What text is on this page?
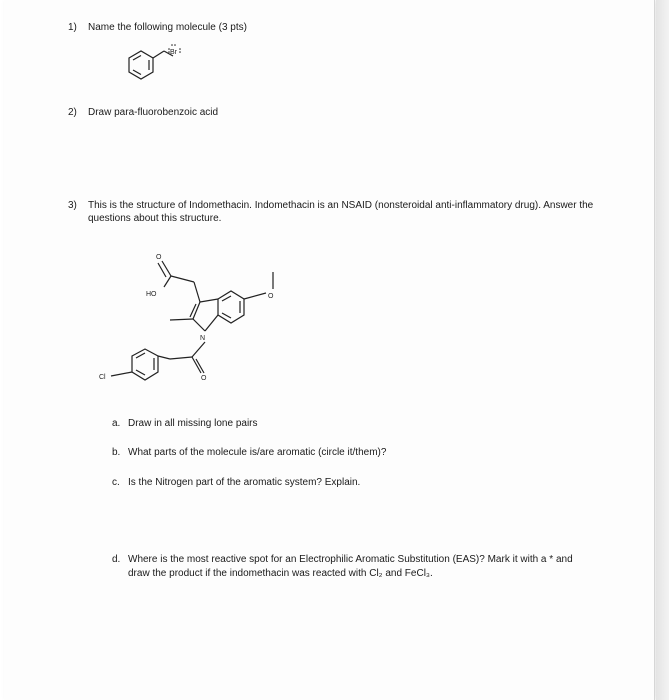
1) Name the following molecule (3 pts)
Br
2) Draw para-fluorobenzoic acid
3) This is the structure of Indomethacin. Indomethacin is an NSAID (nonsteroidal anti-inflammatory drug). Answer the questions about this structure.
N
O
HO	O
O
Cl
a. Draw in all missing lone pairs
b. What parts of the molecule is/are aromatic (circle it/them)?
c. Is the Nitrogen part of the aromatic system? Explain.
d. Where is the most reactive spot for an Electrophilic Aromatic Substitution (EAS)? Mark it with a * and
draw the product if the indomethacin was reacted with Cl₂ and FeCl₃.
